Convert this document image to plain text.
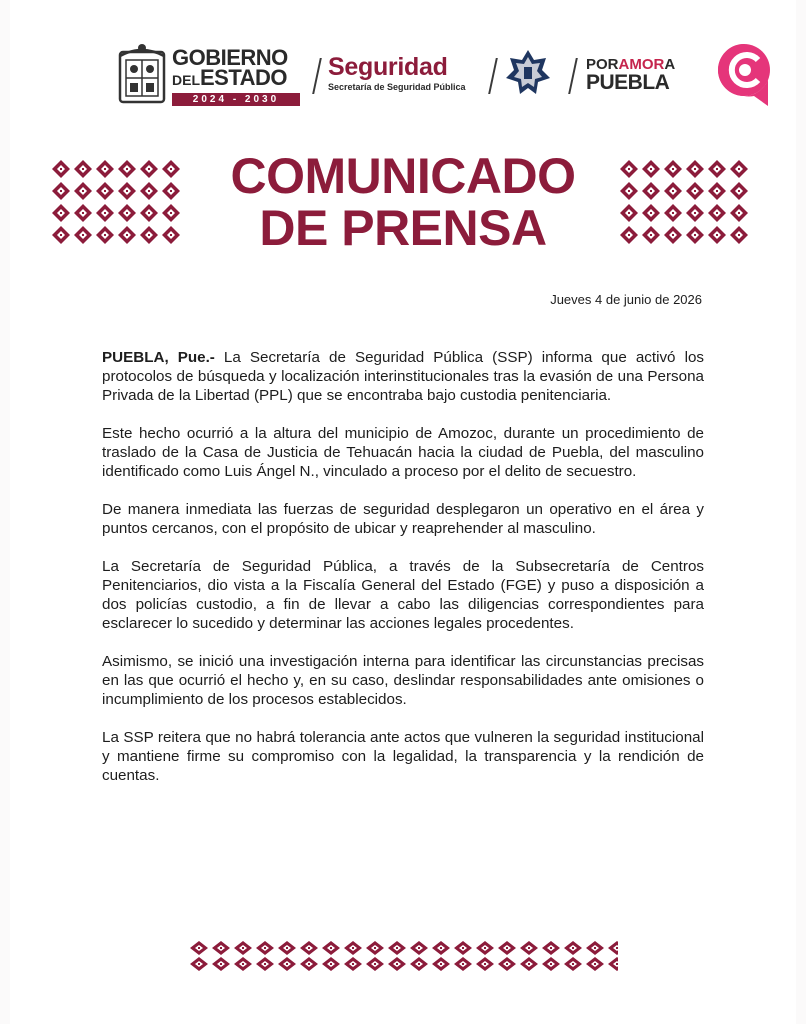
GOBIERNO
DELESTADO
2024 - 2030
Seguridad
Secretaría de Seguridad Pública
PORAMORA
PUEBLA
COMUNICADO
DE PRENSA
Jueves 4 de junio de 2026

PUEBLA, Pue.- La Secretaría de Seguridad Pública (SSP) informa que activó los protocolos de búsqueda y localización interinstitucionales tras la evasión de una Persona Privada de la Libertad (PPL) que se encontraba bajo custodia penitenciaria.

Este hecho ocurrió a la altura del municipio de Amozoc, durante un procedimiento de traslado de la Casa de Justicia de Tehuacán hacia la ciudad de Puebla, del masculino identificado como Luis Ángel N., vinculado a proceso por el delito de secuestro.

De manera inmediata las fuerzas de seguridad desplegaron un operativo en el área y puntos cercanos, con el propósito de ubicar y reaprehender al masculino.

La Secretaría de Seguridad Pública, a través de la Subsecretaría de Centros Penitenciarios, dio vista a la Fiscalía General del Estado (FGE) y puso a disposición a dos policías custodio, a fin de llevar a cabo las diligencias correspondientes para esclarecer lo sucedido y determinar las acciones legales procedentes.

Asimismo, se inició una investigación interna para identificar las circunstancias precisas en las que ocurrió el hecho y, en su caso, deslindar responsabilidades ante omisiones o incumplimiento de los procesos establecidos.

La SSP reitera que no habrá tolerancia ante actos que vulneren la seguridad institucional y mantiene firme su compromiso con la legalidad, la transparencia y la rendición de cuentas.
